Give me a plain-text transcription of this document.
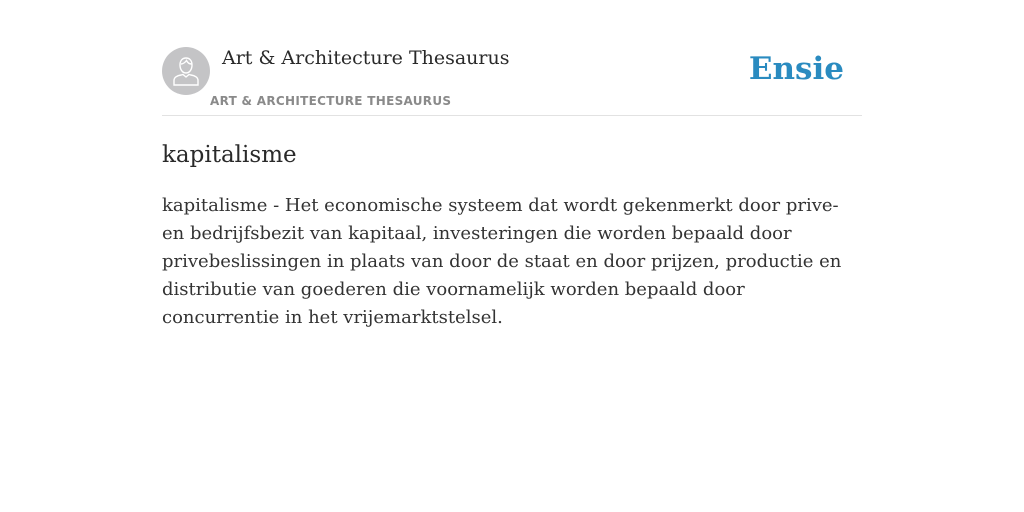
Art & Architecture Thesaurus
ART & ARCHITECTURE THESAURUS
Ensie
kapitalisme

kapitalisme - Het economische systeem dat wordt gekenmerkt door prive- en bedrijfsbezit van kapitaal, investeringen die worden bepaald door privebeslissingen in plaats van door de staat en door prijzen, productie en distributie van goederen die voornamelijk worden bepaald door concurrentie in het vrijemarktstelsel.
